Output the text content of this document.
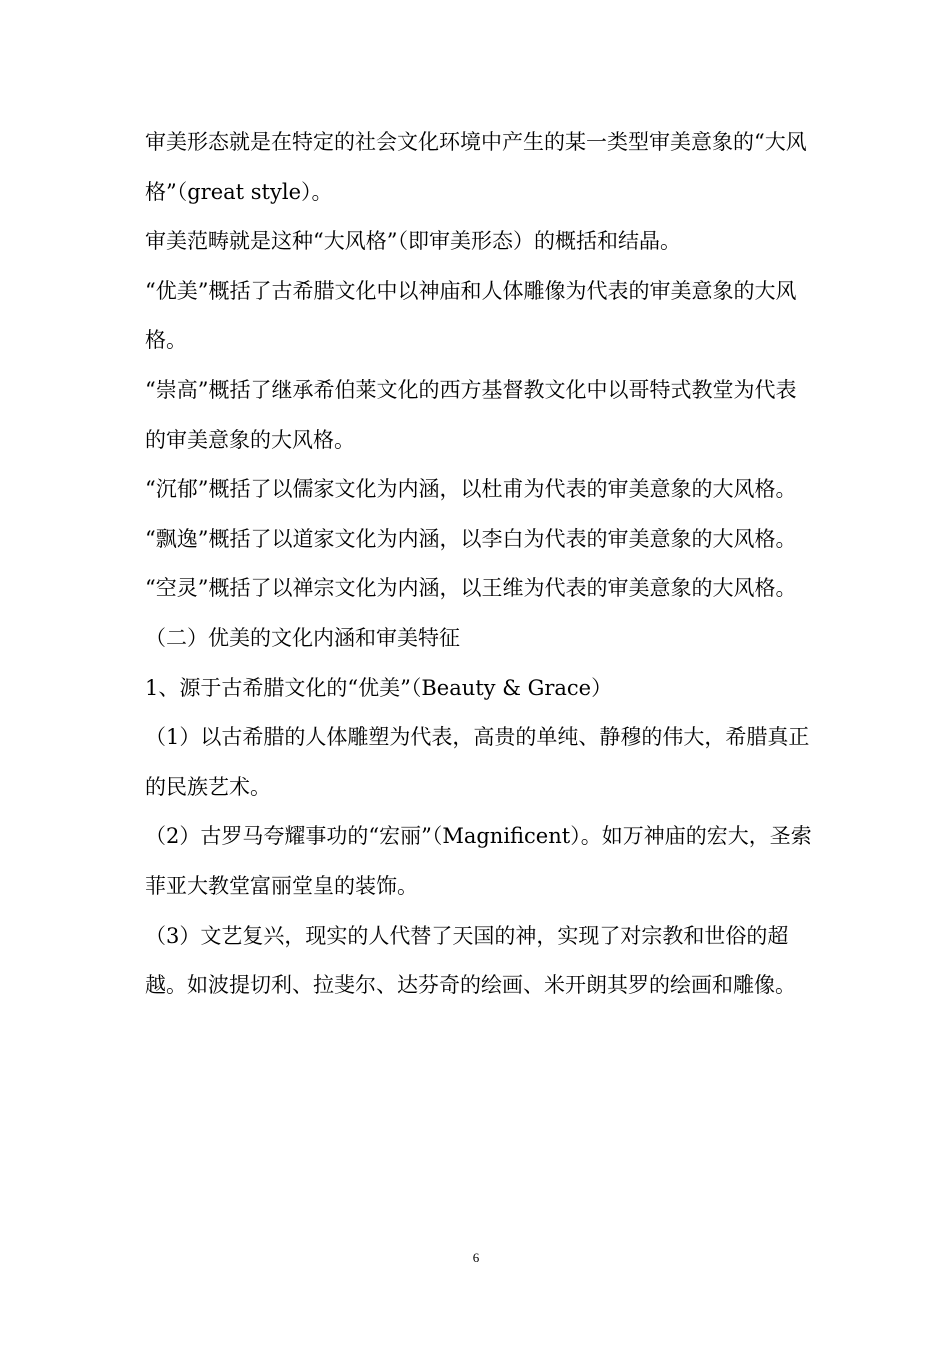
审美形态就是在特定的社会文化环境中产生的某一类型审美意象的“大风格”（great style）。

审美范畴就是这种“大风格”（即审美形态）的概括和结晶。

“优美”概括了古希腊文化中以神庙和人体雕像为代表的审美意象的大风格。

“崇高”概括了继承希伯莱文化的西方基督教文化中以哥特式教堂为代表的审美意象的大风格。

“沉郁”概括了以儒家文化为内涵，以杜甫为代表的审美意象的大风格。

“飘逸”概括了以道家文化为内涵，以李白为代表的审美意象的大风格。

“空灵”概括了以禅宗文化为内涵，以王维为代表的审美意象的大风格。

（二）优美的文化内涵和审美特征

1、源于古希腊文化的“优美”（Beauty & Grace）

（1）以古希腊的人体雕塑为代表，高贵的单纯、静穆的伟大，希腊真正的民族艺术。

（2）古罗马夸耀事功的“宏丽”（Magnificent）。如万神庙的宏大，圣索菲亚大教堂富丽堂皇的装饰。

（3）文艺复兴，现实的人代替了天国的神，实现了对宗教和世俗的超越。如波提切利、拉斐尔、达芬奇的绘画、米开朗其罗的绘画和雕像。

6
